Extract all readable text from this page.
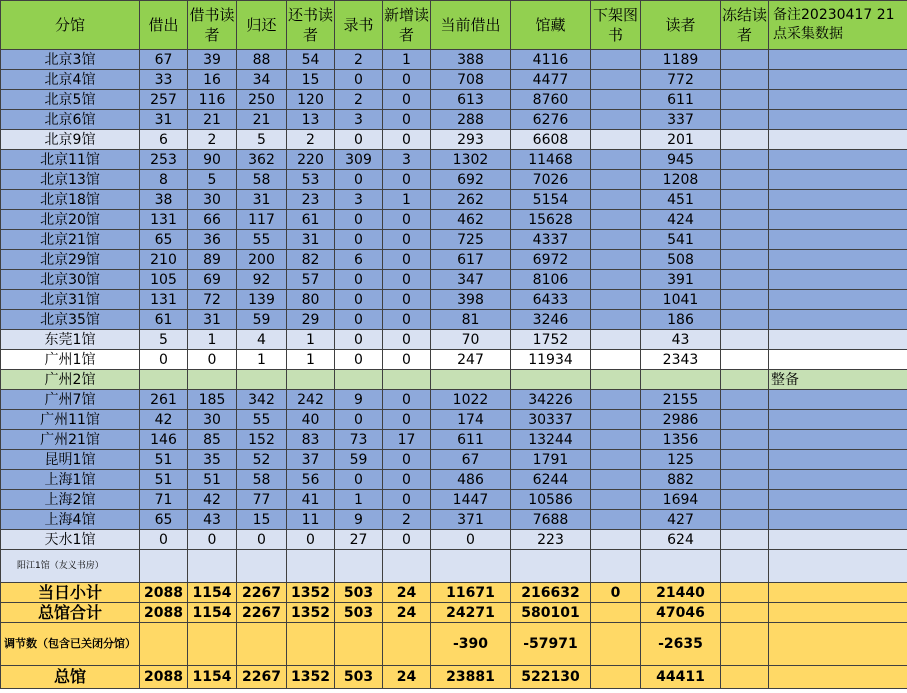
分馆	借出	借书读者	归还	还书读者	录书	新增读者	当前借出	馆藏	下架图书	读者	冻结读者	备注20230417 21点采集数据
北京3馆	67	39	88	54	2	1	388	4116		1189		
北京4馆	33	16	34	15	0	0	708	4477		772		
北京5馆	257	116	250	120	2	0	613	8760		611		
北京6馆	31	21	21	13	3	0	288	6276		337		
北京9馆	6	2	5	2	0	0	293	6608		201		
北京11馆	253	90	362	220	309	3	1302	11468		945		
北京13馆	8	5	58	53	0	0	692	7026		1208		
北京18馆	38	30	31	23	3	1	262	5154		451		
北京20馆	131	66	117	61	0	0	462	15628		424		
北京21馆	65	36	55	31	0	0	725	4337		541		
北京29馆	210	89	200	82	6	0	617	6972		508		
北京30馆	105	69	92	57	0	0	347	8106		391		
北京31馆	131	72	139	80	0	0	398	6433		1041		
北京35馆	61	31	59	29	0	0	81	3246		186		
东莞1馆	5	1	4	1	0	0	70	1752		43		
广州1馆	0	0	1	1	0	0	247	11934		2343		
广州2馆												整备
广州7馆	261	185	342	242	9	0	1022	34226		2155		
广州11馆	42	30	55	40	0	0	174	30337		2986		
广州21馆	146	85	152	83	73	17	611	13244		1356		
昆明1馆	51	35	52	37	59	0	67	1791		125		
上海1馆	51	51	58	56	0	0	486	6244		882		
上海2馆	71	42	77	41	1	0	1447	10586		1694		
上海4馆	65	43	15	11	9	2	371	7688		427		
天水1馆	0	0	0	0	27	0	0	223		624		
阳江1馆（友义书房）												
当日小计	2088	1154	2267	1352	503	24	11671	216632	0	21440		
总馆合计	2088	1154	2267	1352	503	24	24271	580101		47046		
调节数（包含已关闭分馆）							-390	-57971		-2635		
总馆	2088	1154	2267	1352	503	24	23881	522130		44411		
